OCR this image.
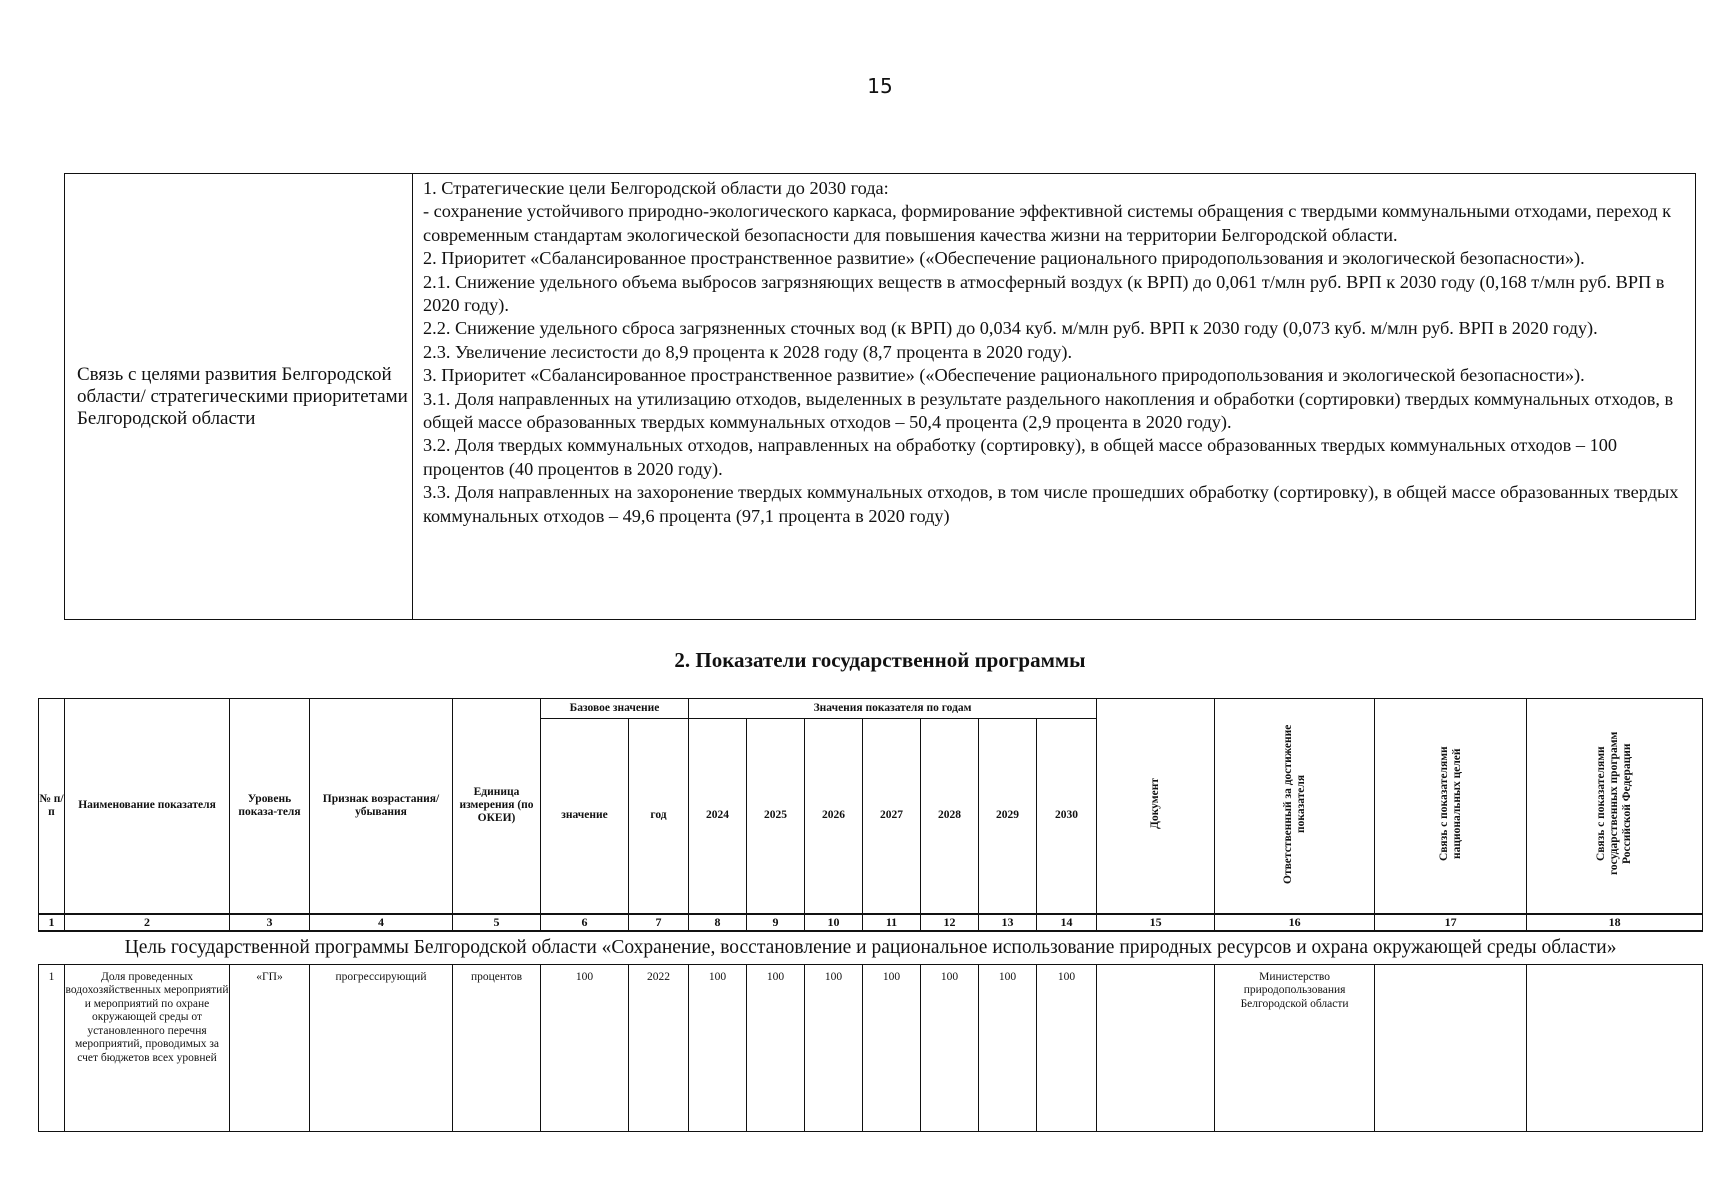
15
Связь с целями развития Белгородской области/ стратегическими приоритетами Белгородской области	

1. Стратегические цели Белгородской области до 2030 года:

- сохранение устойчивого природно-экологического каркаса, формирование эффективной системы обращения с твердыми коммунальными отходами, переход к современным стандартам экологической безопасности для повышения качества жизни на территории Белгородской области.

2. Приоритет «Сбалансированное пространственное развитие» («Обеспечение рационального природопользования и экологической безопасности»).

2.1. Снижение удельного объема выбросов загрязняющих веществ в атмосферный воздух (к ВРП) до 0,061 т/млн руб. ВРП к 2030 году (0,168 т/млн руб. ВРП в 2020 году).

2.2. Снижение удельного сброса загрязненных сточных вод (к ВРП) до 0,034 куб. м/млн руб. ВРП к 2030 году (0,073 куб. м/млн руб. ВРП в 2020 году).

2.3. Увеличение лесистости до 8,9 процента к 2028 году (8,7 процента в 2020 году).

3. Приоритет «Сбалансированное пространственное развитие» («Обеспечение рационального природопользования и экологической безопасности»).

3.1. Доля направленных на утилизацию отходов, выделенных в результате раздельного накопления и обработки (сортировки) твердых коммунальных отходов, в общей массе образованных твердых коммунальных отходов – 50,4 процента (2,9 процента в 2020 году).

3.2. Доля твердых коммунальных отходов, направленных на обработку (сортировку), в общей массе образованных твердых коммунальных отходов – 100 процентов (40 процентов в 2020 году).

3.3. Доля направленных на захоронение твердых коммунальных отходов, в том числе прошедших обработку (сортировку), в общей массе образованных твердых коммунальных отходов – 49,6 процента (97,1 процента в 2020 году)

2. Показатели государственной программы
№ п/п	Наименование показателя	Уровень показа-теля	Признак возрастания/ убывания	Единица измерения (по ОКЕИ)	Базовое значение		Значения показателя по годам							Документ	Ответственный за достижение показателя	Связь с показателями национальных целей	Связь с показателями государственных программ Российской Федерации
					значение	год	2024	2025	2026	2027	2028	2029	2030				
1	2	3	4	5	6	7	8	9	10	11	12	13	14	15	16	17	18
Цель государственной программы Белгородской области «Сохранение, восстановление и рациональное использование природных ресурсов и охрана окружающей среды области»																	
1	Доля проведенных водохозяйственных мероприятий и мероприятий по охране окружающей среды от установленного перечня мероприятий, проводимых за счет бюджетов всех уровней	«ГП»	прогрессирующий	процентов	100	2022	100	100	100	100	100	100	100		Министерство природопользования Белгородской области		
